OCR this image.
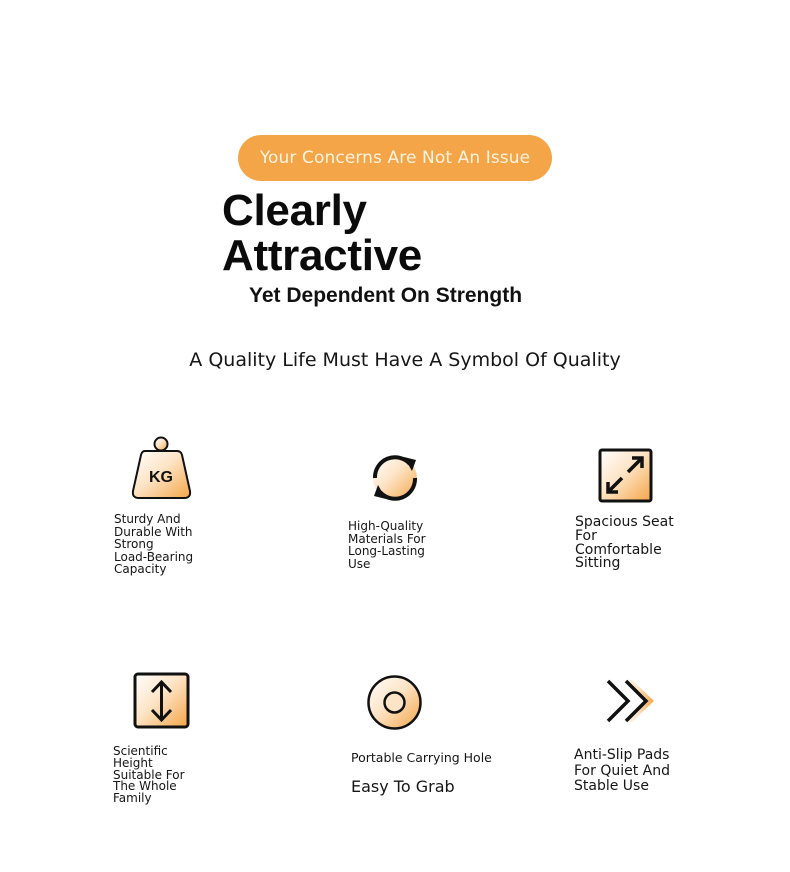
Your Concerns Are Not An Issue
Clearly
Attractive
Yet Dependent On Strength
A Quality Life Must Have A Symbol Of Quality
KG
Sturdy And
Durable With
Strong
Load-Bearing
Capacity
High-Quality
Materials For
Long-Lasting
Use
Spacious Seat
For
Comfortable
Sitting
Scientific
Height
Suitable For
The Whole
Family
Portable Carrying Hole
Easy To Grab
Anti-Slip Pads
For Quiet And
Stable Use
